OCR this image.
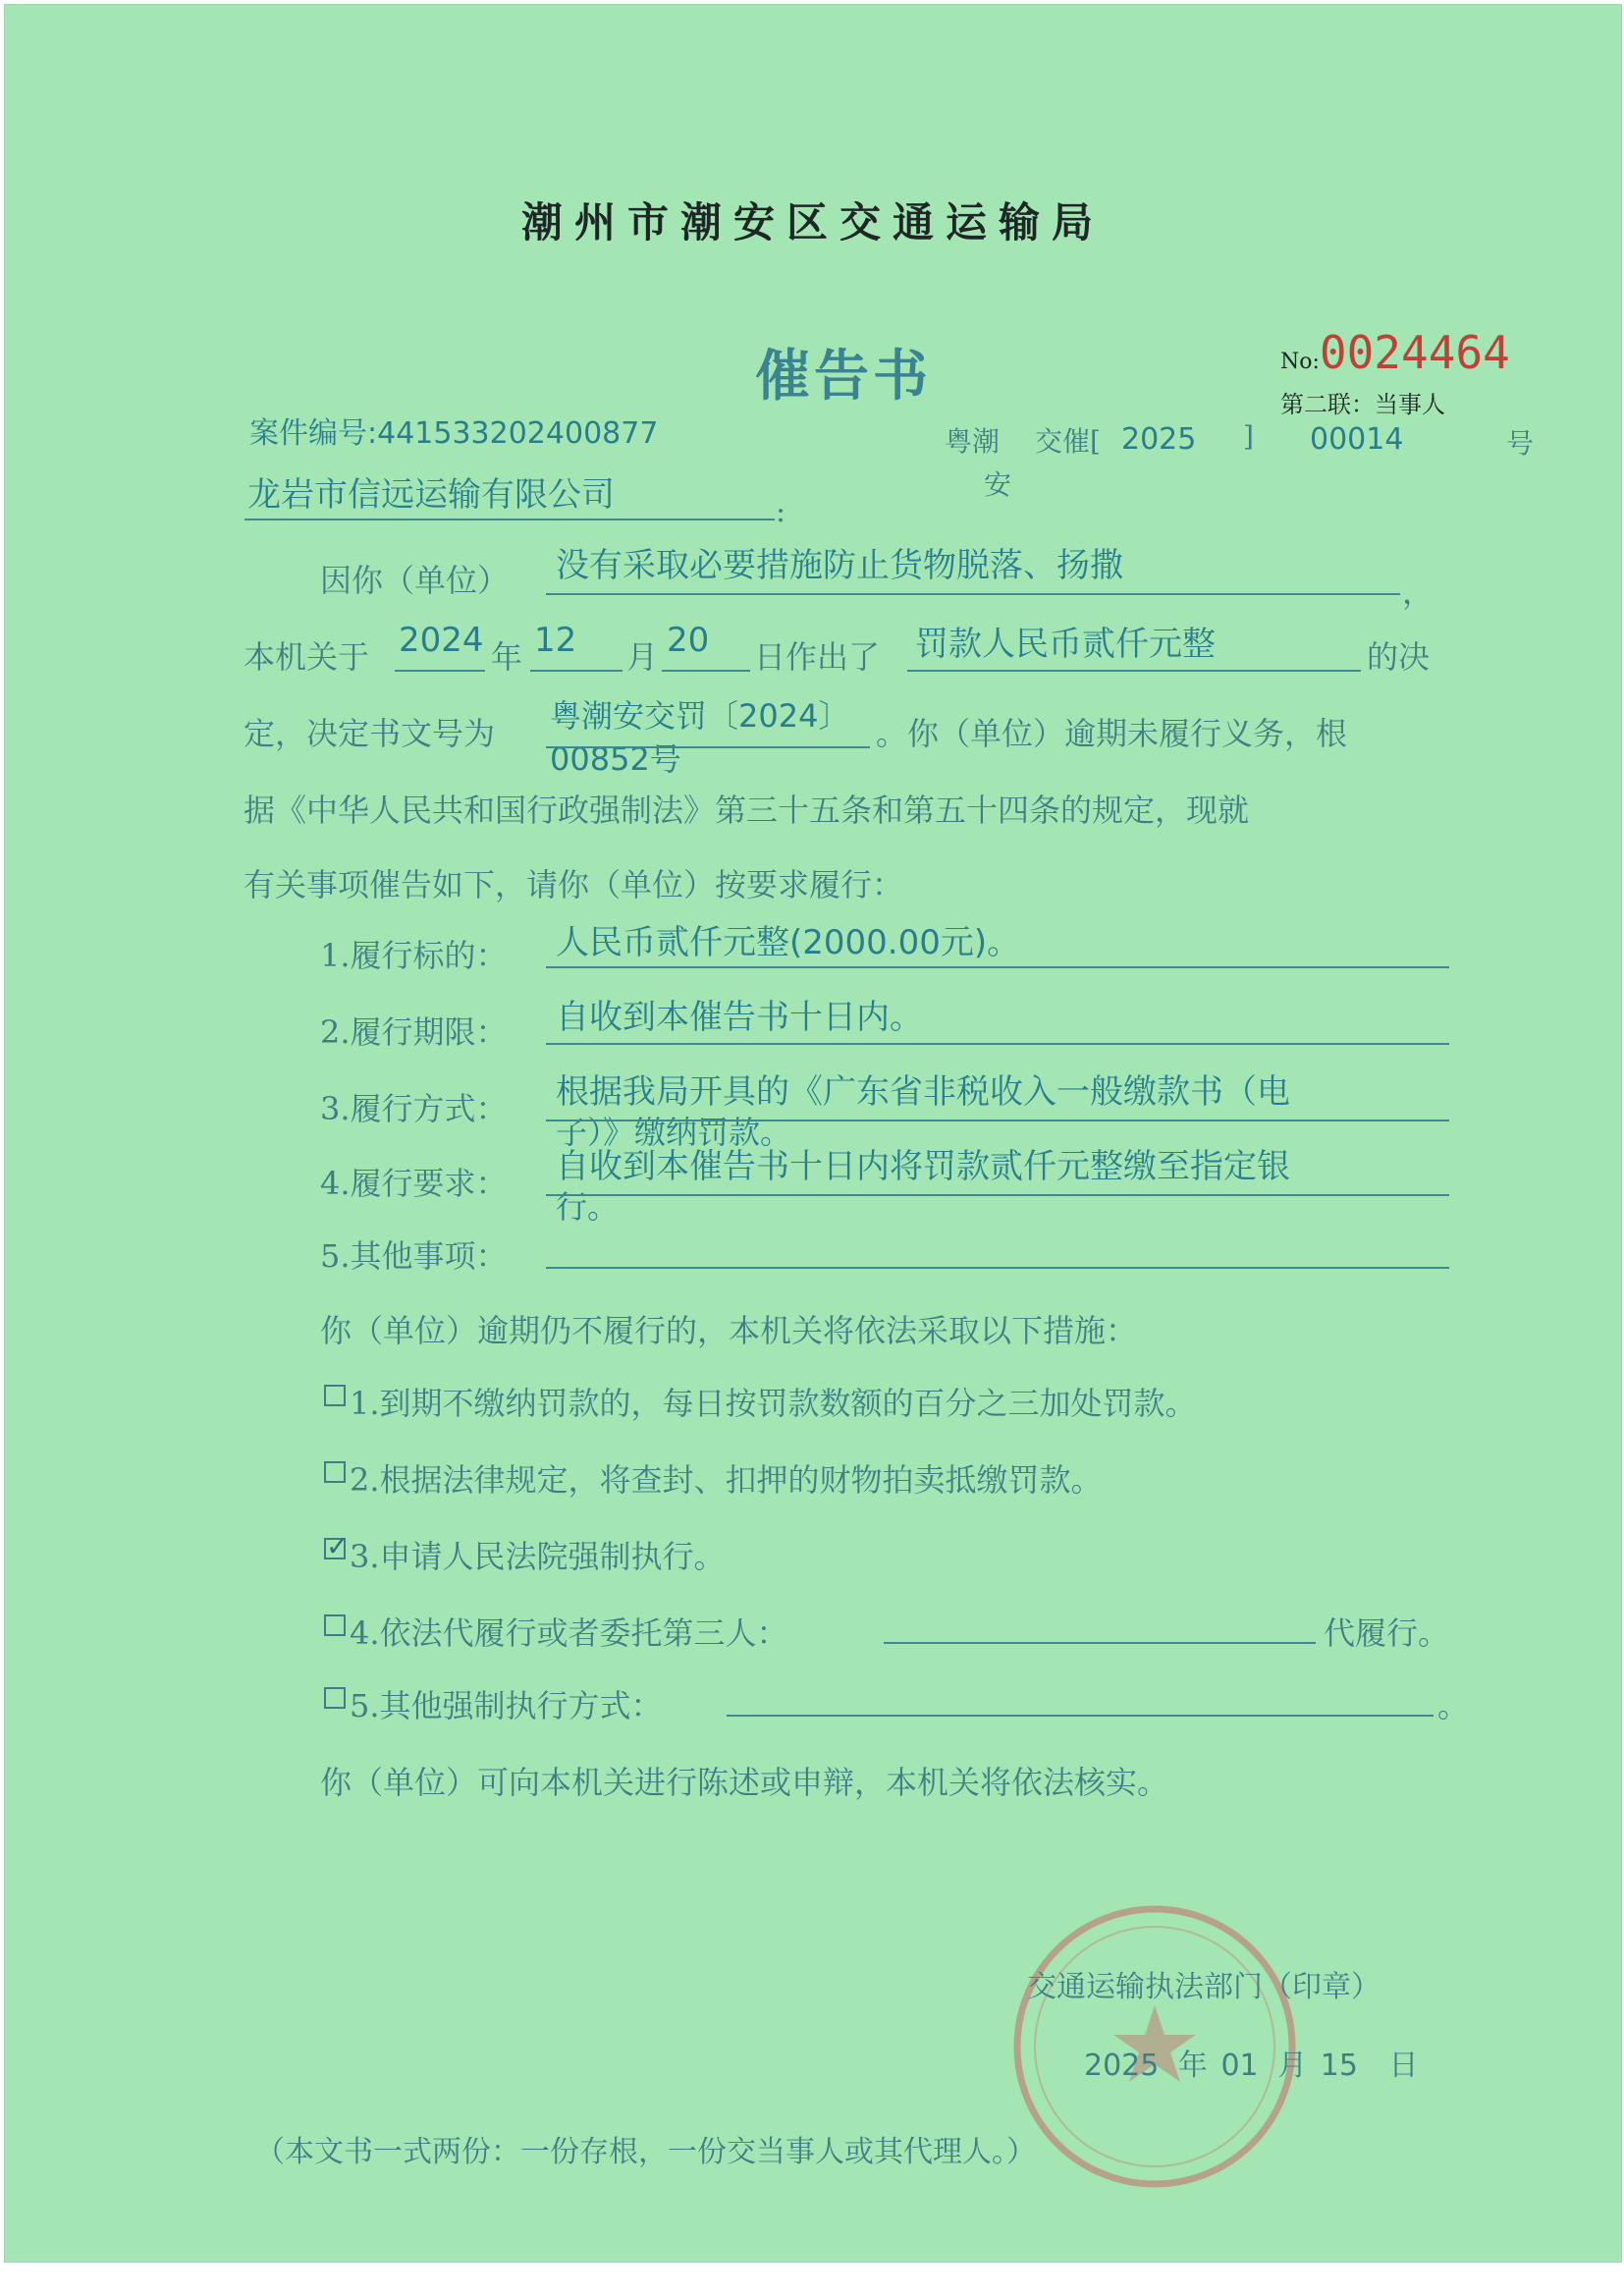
潮州市潮安区交通运输局
催告书	No:0024464
第二联：当事人
案件编号:441533202400877	粤潮
安
交催[ 2025 ] 00014	号
龙岩市信远运输有限公司	:
因你（单位） 没有采取必要措施防止货物脱落、扬撒
，
本机关于 2024 年 12 月 20 日作出了 罚款人民币贰仟元整	的决
定，决定书文号为 粤潮安交罚〔2024〕
00852号
。你（单位）逾期未履行义务，根
据《中华人民共和国行政强制法》第三十五条和第五十四条的规定，现就
有关事项催告如下，请你（单位）按要求履行：
1.履行标的： 人民币贰仟元整(2000.00元)。
2.履行期限： 自收到本催告书十日内。
3.履行方式： 根据我局开具的《广东省非税收入一般缴款书（电
子）》缴纳罚款。
4.履行要求： 自收到本催告书十日内将罚款贰仟元整缴至指定银
行。
5.其他事项：
你（单位）逾期仍不履行的，本机关将依法采取以下措施：
1.到期不缴纳罚款的，每日按罚款数额的百分之三加处罚款。
2.根据法律规定，将查封、扣押的财物拍卖抵缴罚款。
✓
3.申请人民法院强制执行。
4.依法代履行或者委托第三人：	代履行。
5.其他强制执行方式：	。
你（单位）可向本机关进行陈述或申辩，本机关将依法核实。
交通运输执法部门（印章）
2025 年 01 月 15 日
（本文书一式两份：一份存根，一份交当事人或其代理人。）
